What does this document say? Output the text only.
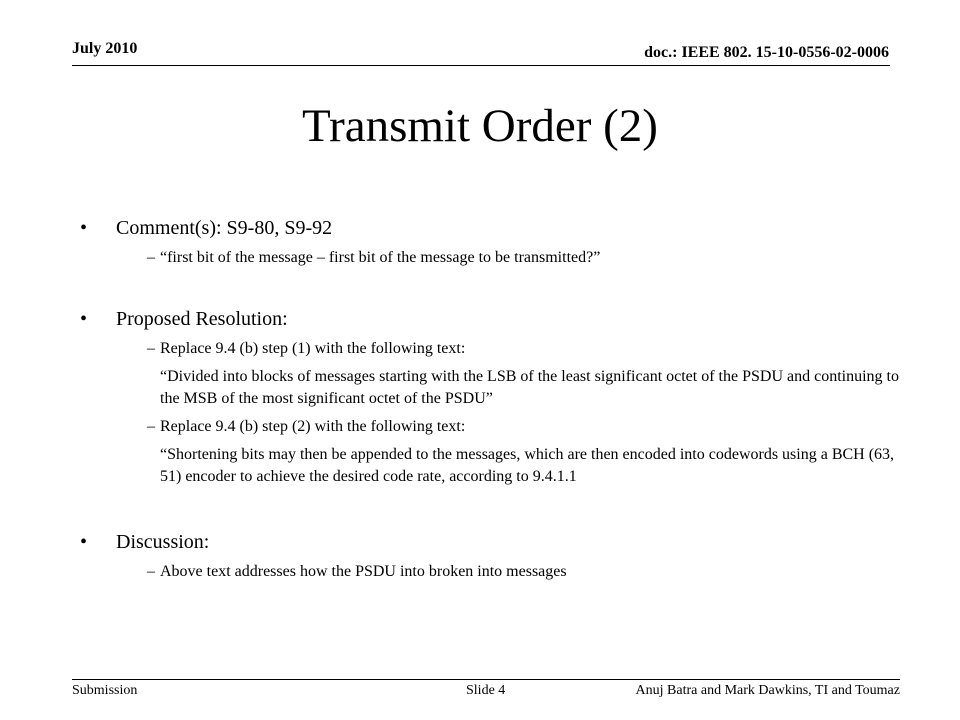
July 2010	doc.: IEEE 802. 15-10-0556-02-0006
Transmit Order (2)
• Comment(s): S9-80, S9-92
– “first bit of the message – first bit of the message to be transmitted?”
• Proposed Resolution:
– Replace 9.4 (b) step (1) with the following text:
“Divided into blocks of messages starting with the LSB of the least significant octet of the PSDU and continuing to the MSB of the most significant octet of the PSDU”
– Replace 9.4 (b) step (2) with the following text:
“Shortening bits may then be appended to the messages, which are then encoded into codewords using a BCH (63, 51) encoder to achieve the desired code rate, according to 9.4.1.1
• Discussion:
– Above text addresses how the PSDU into broken into messages
Submission	Slide 4	Anuj Batra and Mark Dawkins, TI and Toumaz
